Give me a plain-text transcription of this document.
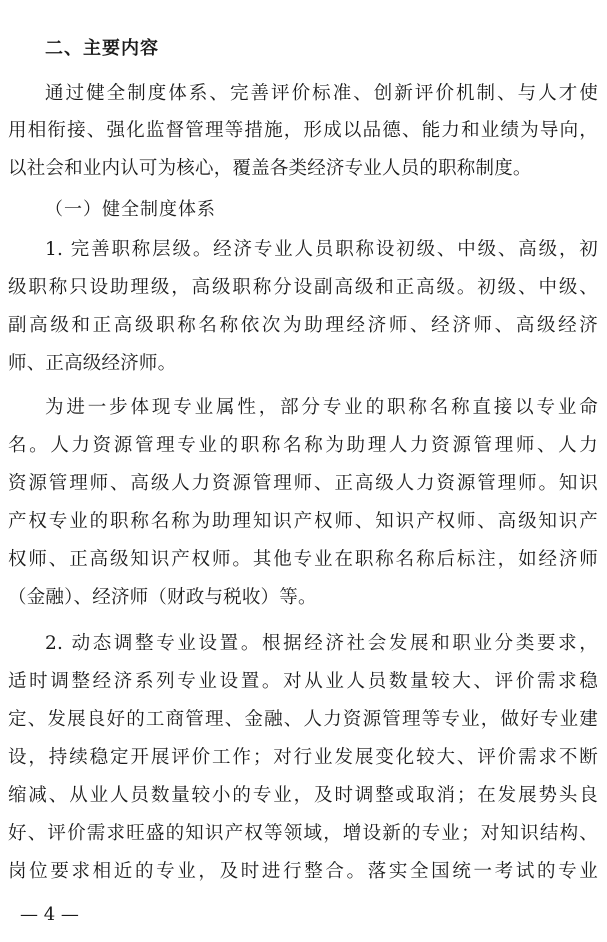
二、主要内容
通过健全制度体系、完善评价标准、创新评价机制、与人才使
用相衔接、强化监督管理等措施，形成以品德、能力和业绩为导向，
以社会和业内认可为核心，覆盖各类经济专业人员的职称制度。
（一）健全制度体系
1. 完善职称层级。经济专业人员职称设初级、中级、高级，初
级职称只设助理级，高级职称分设副高级和正高级。初级、中级、
副高级和正高级职称名称依次为助理经济师、经济师、高级经济
师、正高级经济师。
为进一步体现专业属性，部分专业的职称名称直接以专业命
名。人力资源管理专业的职称名称为助理人力资源管理师、人力
资源管理师、高级人力资源管理师、正高级人力资源管理师。知识
产权专业的职称名称为助理知识产权师、知识产权师、高级知识产
权师、正高级知识产权师。其他专业在职称名称后标注，如经济师
（金融）、经济师（财政与税收）等。
2. 动态调整专业设置。根据经济社会发展和职业分类要求，
适时调整经济系列专业设置。对从业人员数量较大、评价需求稳
定、发展良好的工商管理、金融、人力资源管理等专业，做好专业建
设，持续稳定开展评价工作；对行业发展变化较大、评价需求不断
缩减、从业人员数量较小的专业，及时调整或取消；在发展势头良
好、评价需求旺盛的知识产权等领域，增设新的专业；对知识结构、
岗位要求相近的专业，及时进行整合。落实全国统一考试的专业
— 4 —
